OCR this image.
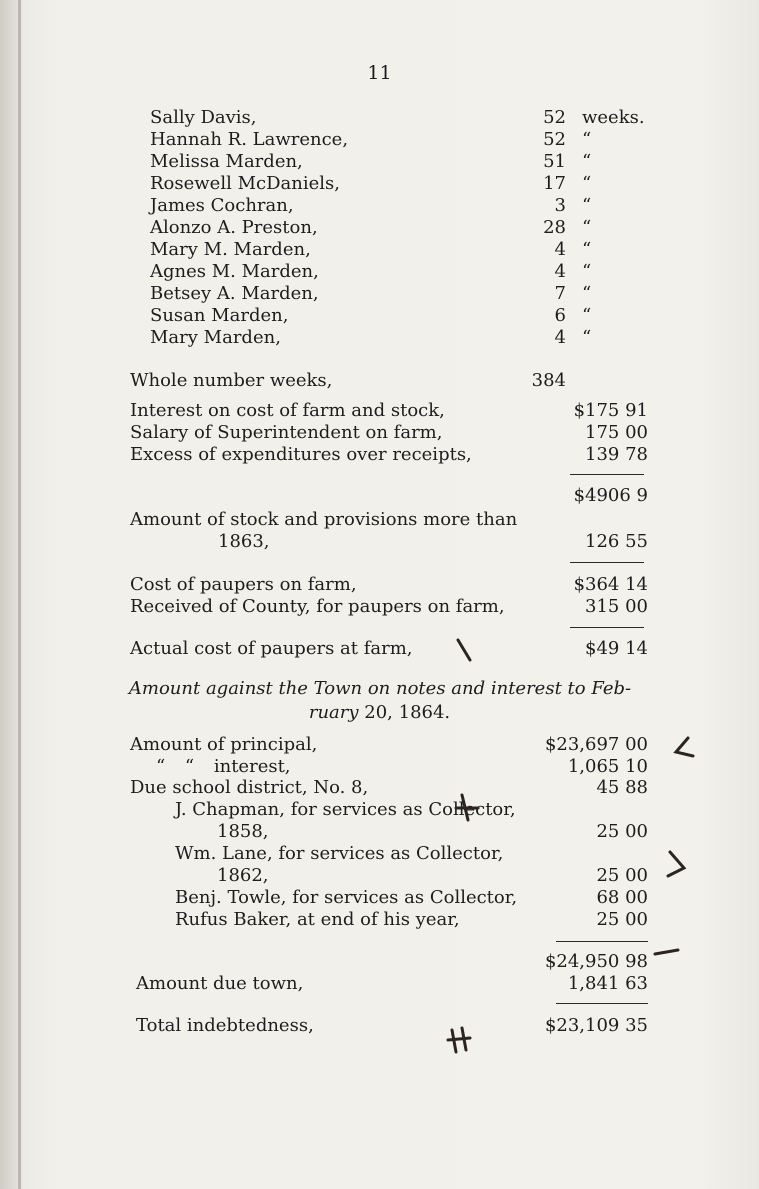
11
Sally Davis,	52 weeks.
Hannah R. Lawrence,	52 “
Melissa Marden,	51 “
Rosewell McDaniels,	17 “
James Cochran,	3 “
Alonzo A. Preston,	28 “
Mary M. Marden,	4 “
Agnes M. Marden,	4 “
Betsey A. Marden,	7 “
Susan Marden,	6 “
Mary Marden,	4 “
Whole number weeks,	384
Interest on cost of farm and stock,	$175 91
Salary of Superintendent on farm,	175 00
Excess of expenditures over receipts,	139 78
$4906 9
Amount of stock and provisions more than
1863,	126 55
Cost of paupers on farm,	$364 14
Received of County, for paupers on farm,	315 00
Actual cost of paupers at farm,	$49 14
Amount against the Town on notes and interest to Feb-
ruary 20, 1864.
Amount of principal,	$23,697 00
“ “ interest,	1,065 10
Due school district, No. 8,	45 88
J. Chapman, for services as Collector,
1858,	25 00
Wm. Lane, for services as Collector,
1862,	25 00
Benj. Towle, for services as Collector,	68 00
Rufus Baker, at end of his year,	25 00
$24,950 98
Amount due town,	1,841 63
Total indebtedness,	$23,109 35
